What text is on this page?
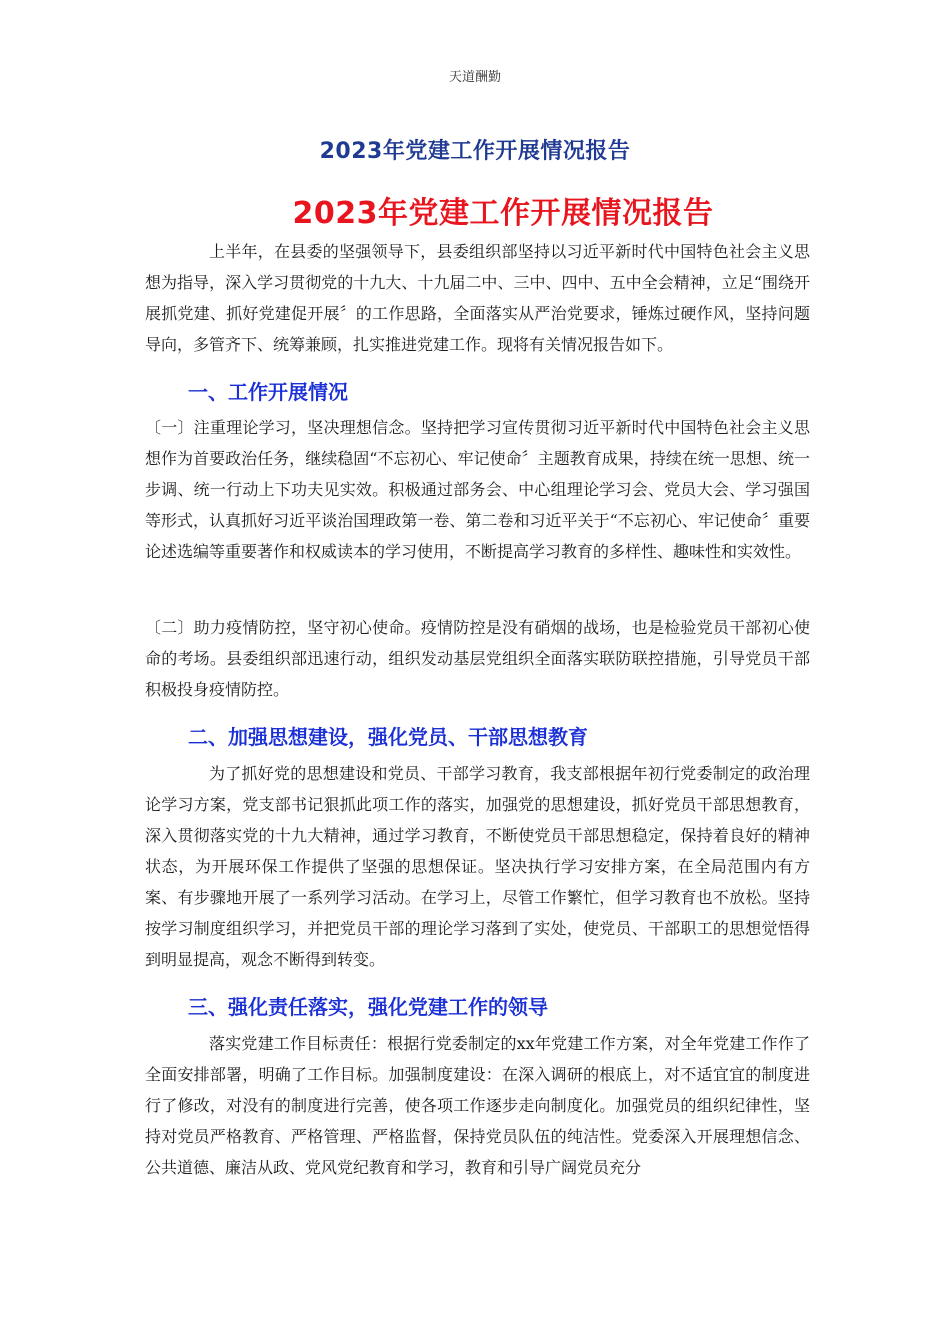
天道酬勤
2023年党建工作开展情况报告
2023年党建工作开展情况报告

上半年，在县委的坚强领导下，县委组织部坚持以习近平新时代中国特色社会主义思想为指导，深入学习贯彻党的十九大、十九届二中、三中、四中、五中全会精神，立足“围绕开展抓党建、抓好党建促开展〞的工作思路，全面落实从严治党要求，锤炼过硬作风，坚持问题导向，多管齐下、统筹兼顾，扎实推进党建工作。现将有关情况报告如下。

一、工作开展情况

〔一〕注重理论学习，坚决理想信念。坚持把学习宣传贯彻习近平新时代中国特色社会主义思想作为首要政治任务，继续稳固“不忘初心、牢记使命〞主题教育成果，持续在统一思想、统一步调、统一行动上下功夫见实效。积极通过部务会、中心组理论学习会、党员大会、学习强国等形式，认真抓好习近平谈治国理政第一卷、第二卷和习近平关于“不忘初心、牢记使命〞重要论述选编等重要著作和权威读本的学习使用，不断提高学习教育的多样性、趣味性和实效性。

〔二〕助力疫情防控，坚守初心使命。疫情防控是没有硝烟的战场，也是检验党员干部初心使命的考场。县委组织部迅速行动，组织发动基层党组织全面落实联防联控措施，引导党员干部积极投身疫情防控。

二、加强思想建设，强化党员、干部思想教育

为了抓好党的思想建设和党员、干部学习教育，我支部根据年初行党委制定的政治理论学习方案，党支部书记狠抓此项工作的落实，加强党的思想建设，抓好党员干部思想教育，深入贯彻落实党的十九大精神，通过学习教育，不断使党员干部思想稳定，保持着良好的精神状态，为开展环保工作提供了坚强的思想保证。坚决执行学习安排方案，在全局范围内有方案、有步骤地开展了一系列学习活动。在学习上，尽管工作繁忙，但学习教育也不放松。坚持按学习制度组织学习，并把党员干部的理论学习落到了实处，使党员、干部职工的思想觉悟得到明显提高，观念不断得到转变。

三、强化责任落实，强化党建工作的领导

落实党建工作目标责任：根据行党委制定的xx年党建工作方案，对全年党建工作作了全面安排部署，明确了工作目标。加强制度建设：在深入调研的根底上，对不适宜宜的制度进行了修改，对没有的制度进行完善，使各项工作逐步走向制度化。加强党员的组织纪律性，坚持对党员严格教育、严格管理、严格监督，保持党员队伍的纯洁性。党委深入开展理想信念、公共道德、廉洁从政、党风党纪教育和学习，教育和引导广阔党员充分
